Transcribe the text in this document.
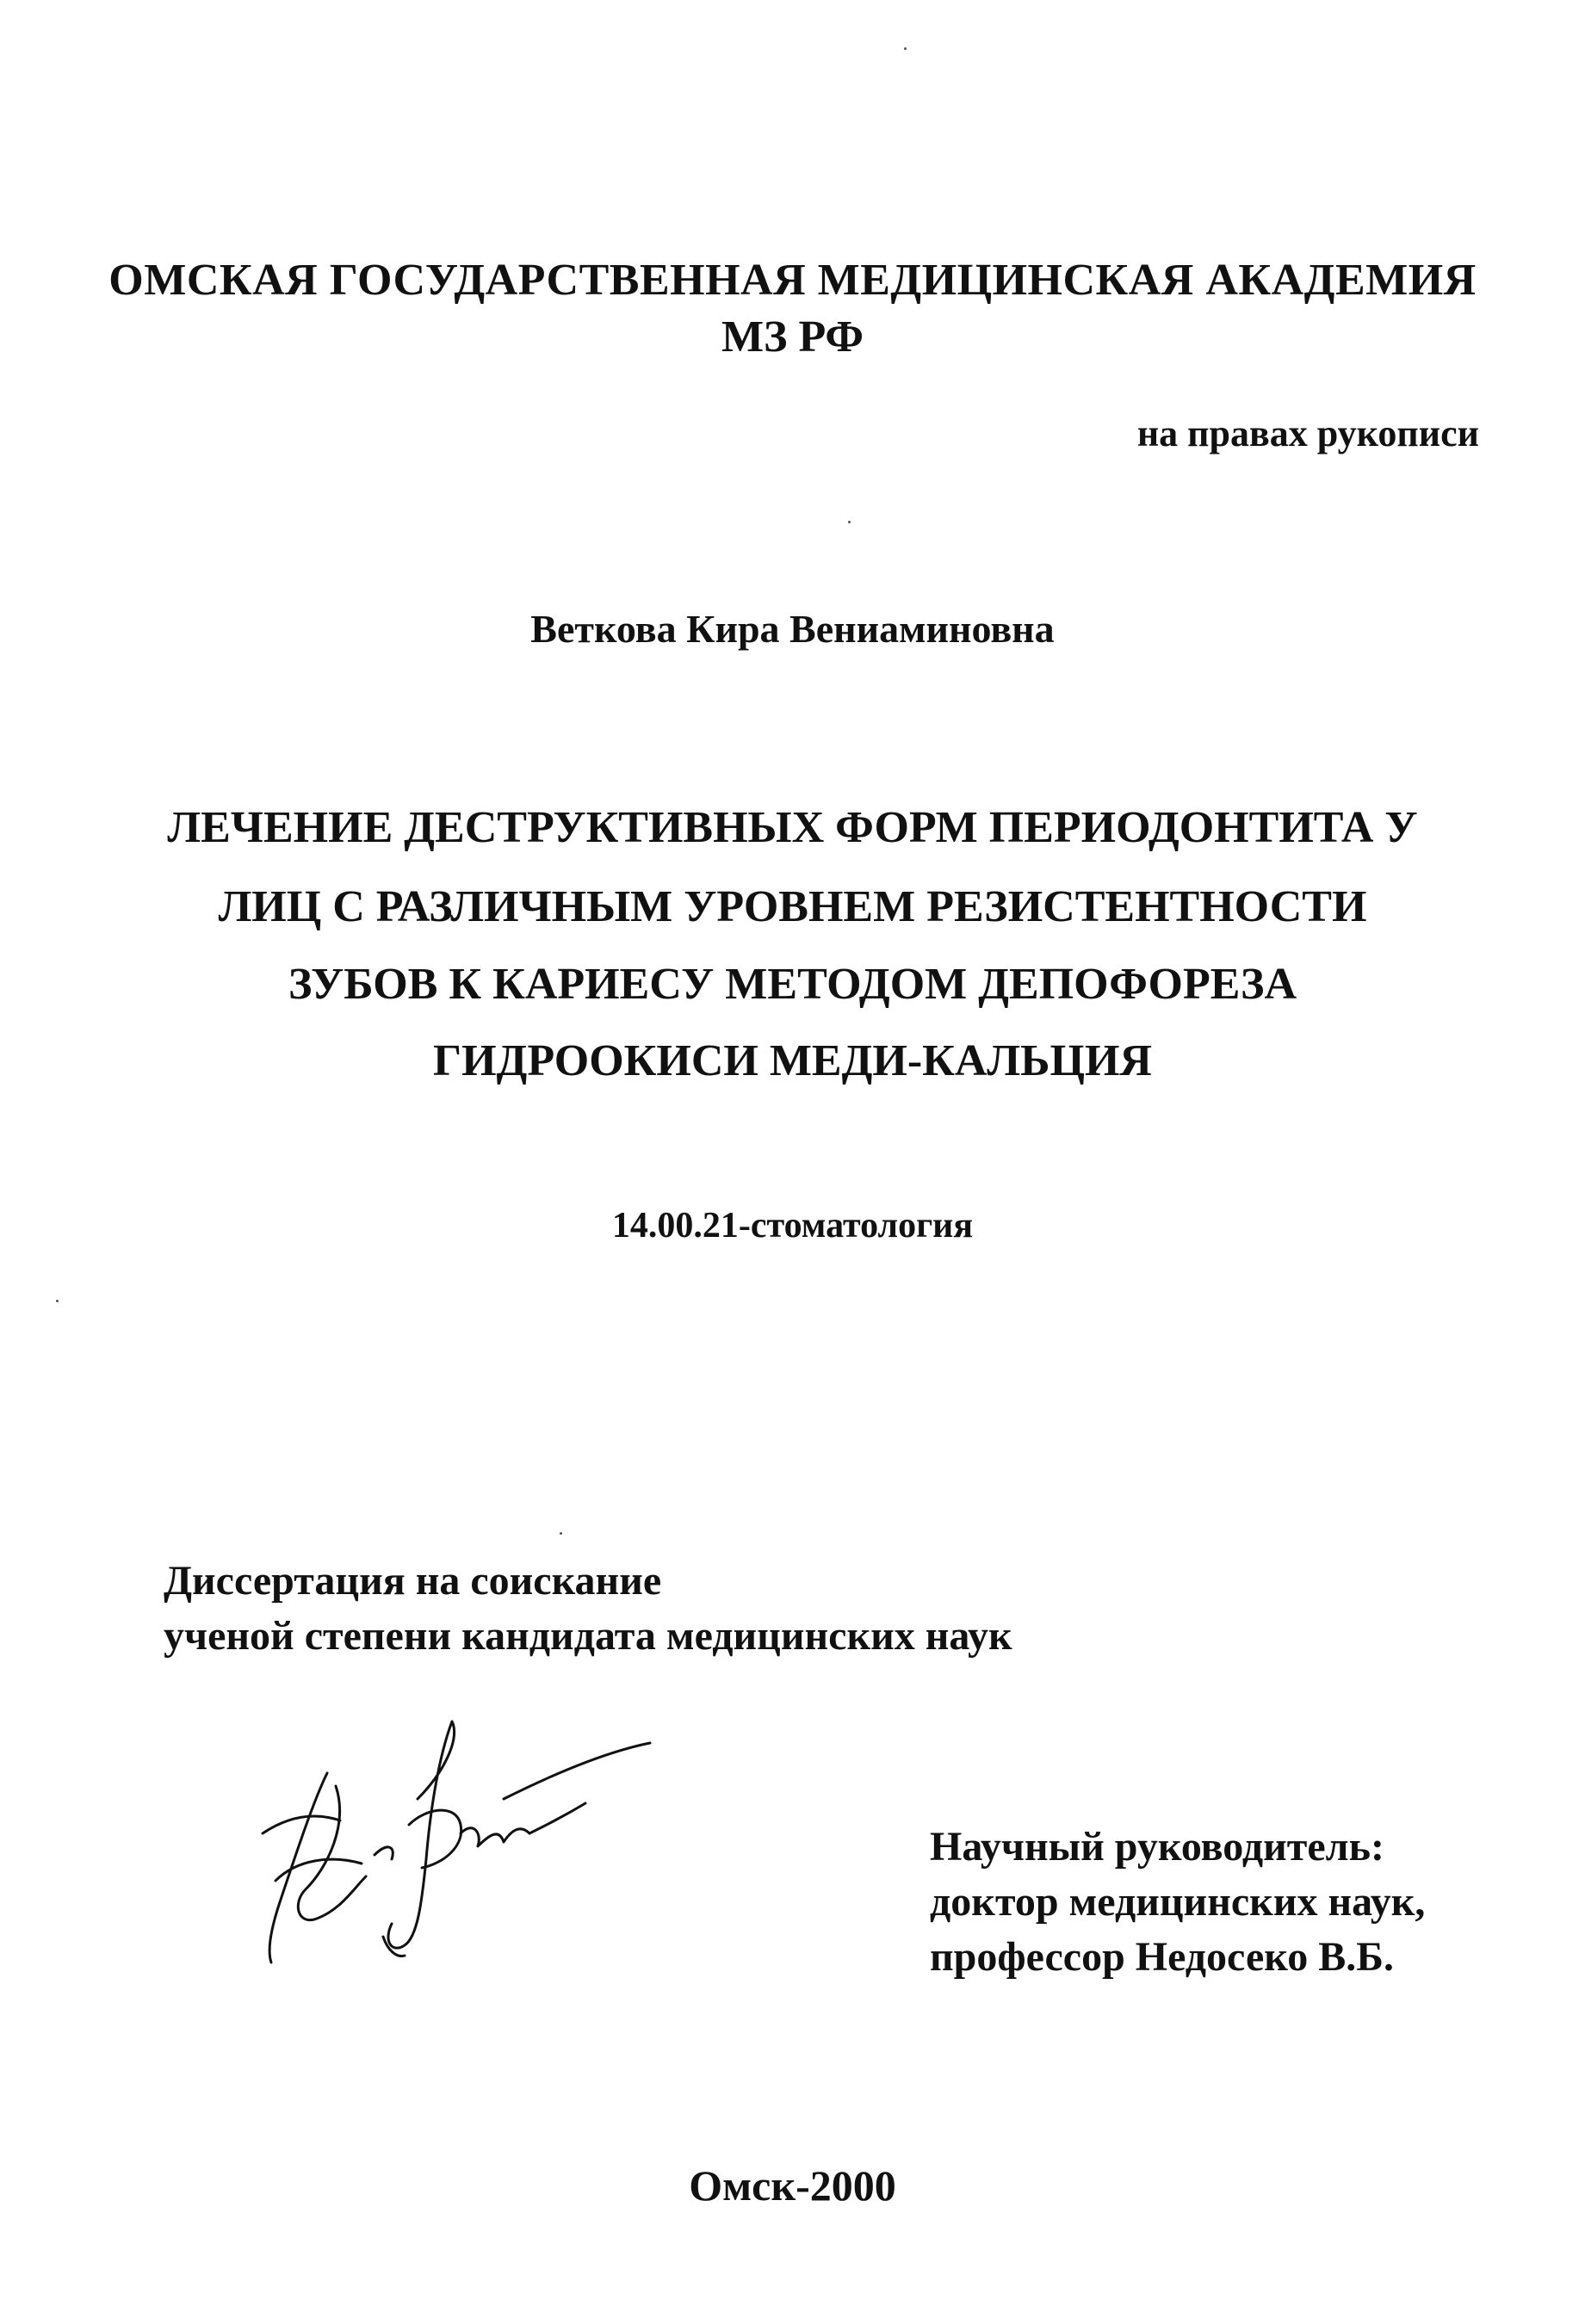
ОМСКАЯ ГОСУДАРСТВЕННАЯ МЕДИЦИНСКАЯ АКАДЕМИЯ
МЗ РФ
на правах рукописи
Веткова Кира Вениаминовна
ЛЕЧЕНИЕ ДЕСТРУКТИВНЫХ ФОРМ ПЕРИОДОНТИТА У
ЛИЦ С РАЗЛИЧНЫМ УРОВНЕМ РЕЗИСТЕНТНОСТИ
ЗУБОВ К КАРИЕСУ МЕТОДОМ ДЕПОФОРЕЗА
ГИДРООКИСИ МЕДИ-КАЛЬЦИЯ
14.00.21-стоматология
Диссертация на соискание
ученой степени кандидата медицинских наук
Научный руководитель:
доктор медицинских наук,
профессор Недосеко В.Б.
Омск-2000
